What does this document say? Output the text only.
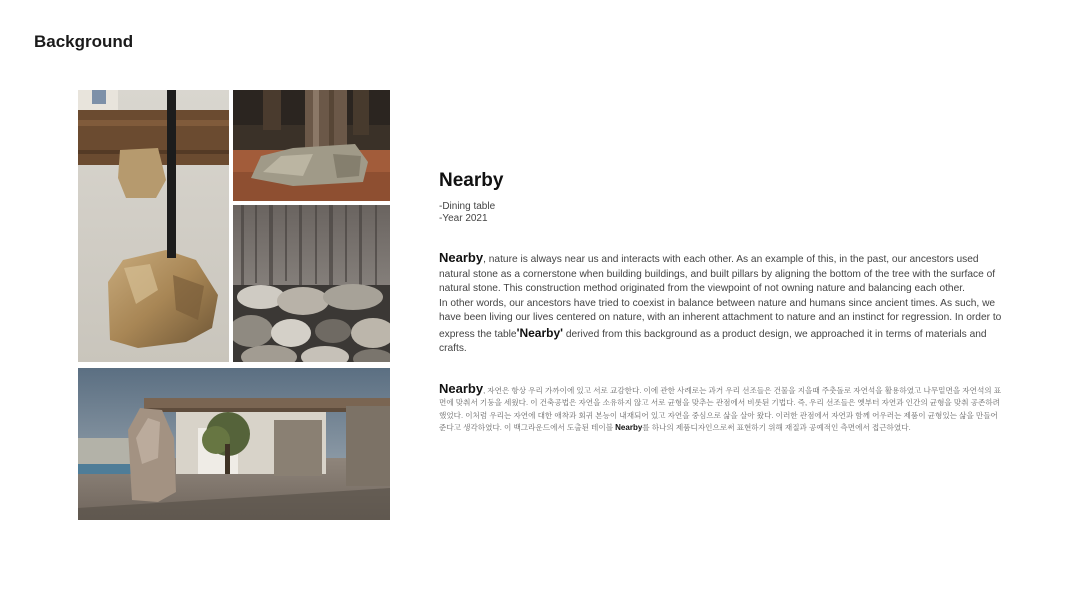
Background
Nearby

-Dining table

-Year 2021

Nearby, nature is always near us and interacts with each other. As an example of this, in the past, our ancestors used natural stone as a cornerstone when building buildings, and built pillars by aligning the bottom of the tree with the surface of natural stone. This construction method originated from the viewpoint of not owning nature and balancing each other.
In other words, our ancestors have tried to coexist in balance between nature and humans since ancient times. As such, we have been living our lives centered on nature, with an inherent attachment to nature and an instinct for regression. In order to express the table'Nearby' derived from this background as a product design, we approached it in terms of materials and crafts.

Nearby, 자연은 항상 우리 가까이에 있고 서로 교감한다. 이에 관한 사례로는 과거 우리 선조들은 건물을 지을때 주춧돌로 자연석을 활용하였고 나무밑면을 자연석의 표면에 맞춰서 기둥을 세웠다. 이 건축공법은 자연을 소유하지 않고 서로 균형을 맞추는 관점에서 비롯된 기법다. 즉, 우리 선조들은 옛부터 자연과 인간의 균형을 맞춰 공존하려 했었다. 이처럼 우리는 자연에 대한 애착과 회귀 본능이 내재되어 있고 자연을 중심으로 삶을 살아 왔다. 이러한 관점에서 자연과 함께 어우러는 제품이 균형있는 삶을 만들어 준다고 생각하였다. 이 백그라운드에서 도출된 테이블 Nearby를 하나의 제품디자인으로써 표현하기 위해 재질과 공예적인 측면에서 접근하였다.
